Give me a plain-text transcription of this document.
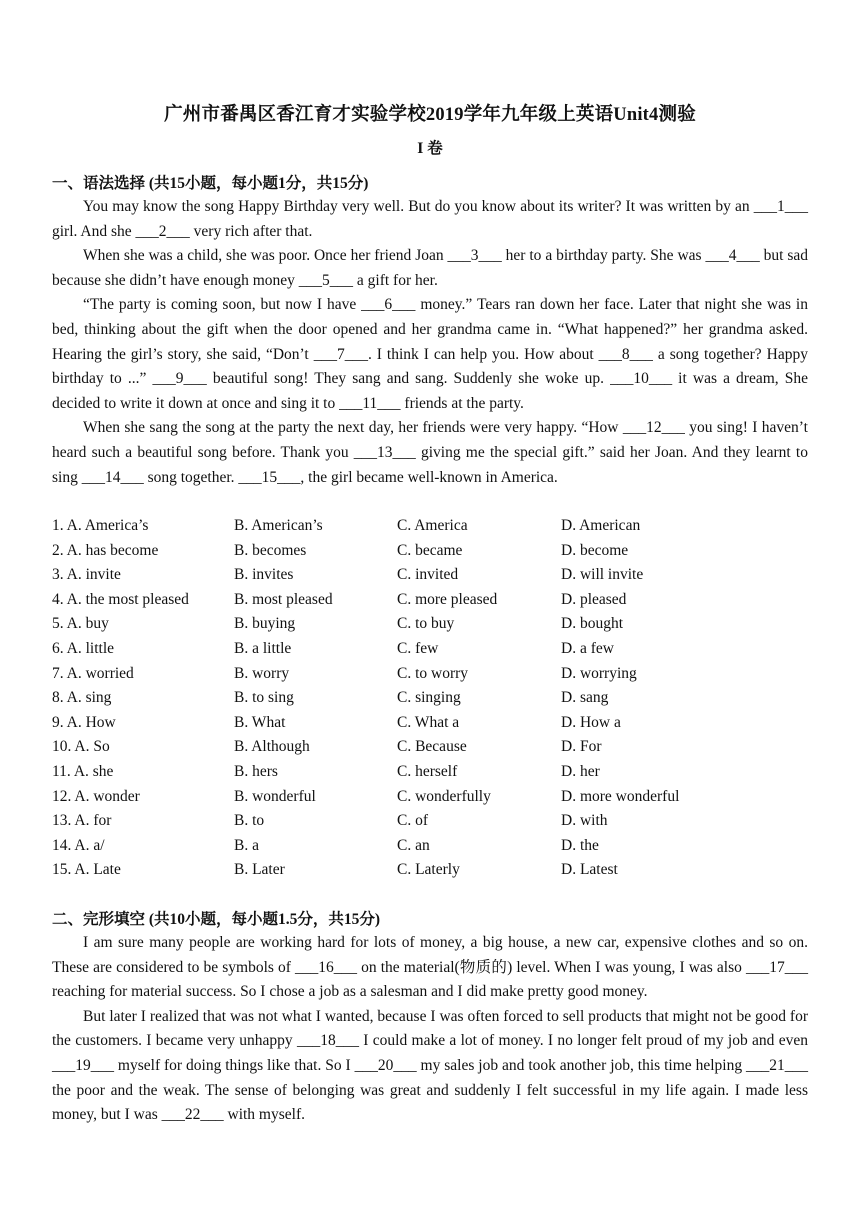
广州市番禺区香江育才实验学校2019学年九年级上英语Unit4测验
I 卷
一、语法选择 (共15小题，每小题1分，共15分)

You may know the song Happy Birthday very well. But do you know about its writer? It was written by an ___1___ girl. And she ___2___ very rich after that.

When she was a child, she was poor. Once her friend Joan ___3___ her to a birthday party. She was ___4___ but sad because she didn’t have enough money ___5___ a gift for her.

“The party is coming soon, but now I have ___6___ money.” Tears ran down her face. Later that night she was in bed, thinking about the gift when the door opened and her grandma came in. “What happened?” her grandma asked. Hearing the girl’s story, she said, “Don’t ___7___. I think I can help you. How about ___8___ a song together? Happy birthday to ...” ___9___ beautiful song! They sang and sang. Suddenly she woke up. ___10___ it was a dream, She decided to write it down at once and sing it to ___11___ friends at the party.

When she sang the song at the party the next day, her friends were very happy. “How ___12___ you sing! I haven’t heard such a beautiful song before. Thank you ___13___ giving me the special gift.” said her Joan. And they learnt to sing ___14___ song together. ___15___, the girl became well-known in America.

1. A. America’s	B. American’s	C. America	D. American
2. A. has become	B. becomes	C. became	D. become
3. A. invite	B. invites	C. invited	D. will invite
4. A. the most pleased	B. most pleased	C. more pleased	D. pleased
5. A. buy	B. buying	C. to buy	D. bought
6. A. little	B. a little	C. few	D. a few
7. A. worried	B. worry	C. to worry	D. worrying
8. A. sing	B. to sing	C. singing	D. sang
9. A. How	B. What	C. What a	D. How a
10. A. So	B. Although	C. Because	D. For
11. A. she	B. hers	C. herself	D. her
12. A. wonder	B. wonderful	C. wonderfully	D. more wonderful
13. A. for	B. to	C. of	D. with
14. A. a/	B. a	C. an	D. the
15. A. Late	B. Later	C. Laterly	D. Latest
二、完形填空 (共10小题，每小题1.5分，共15分)

I am sure many people are working hard for lots of money, a big house, a new car, expensive clothes and so on. These are considered to be symbols of ___16___ on the material(物质的) level. When I was young, I was also ___17___ reaching for material success. So I chose a job as a salesman and I did make pretty good money.

But later I realized that was not what I wanted, because I was often forced to sell products that might not be good for the customers. I became very unhappy ___18___ I could make a lot of money. I no longer felt proud of my job and even ___19___ myself for doing things like that. So I ___20___ my sales job and took another job, this time helping ___21___ the poor and the weak. The sense of belonging was great and suddenly I felt successful in my life again. I made less money, but I was ___22___ with myself.
